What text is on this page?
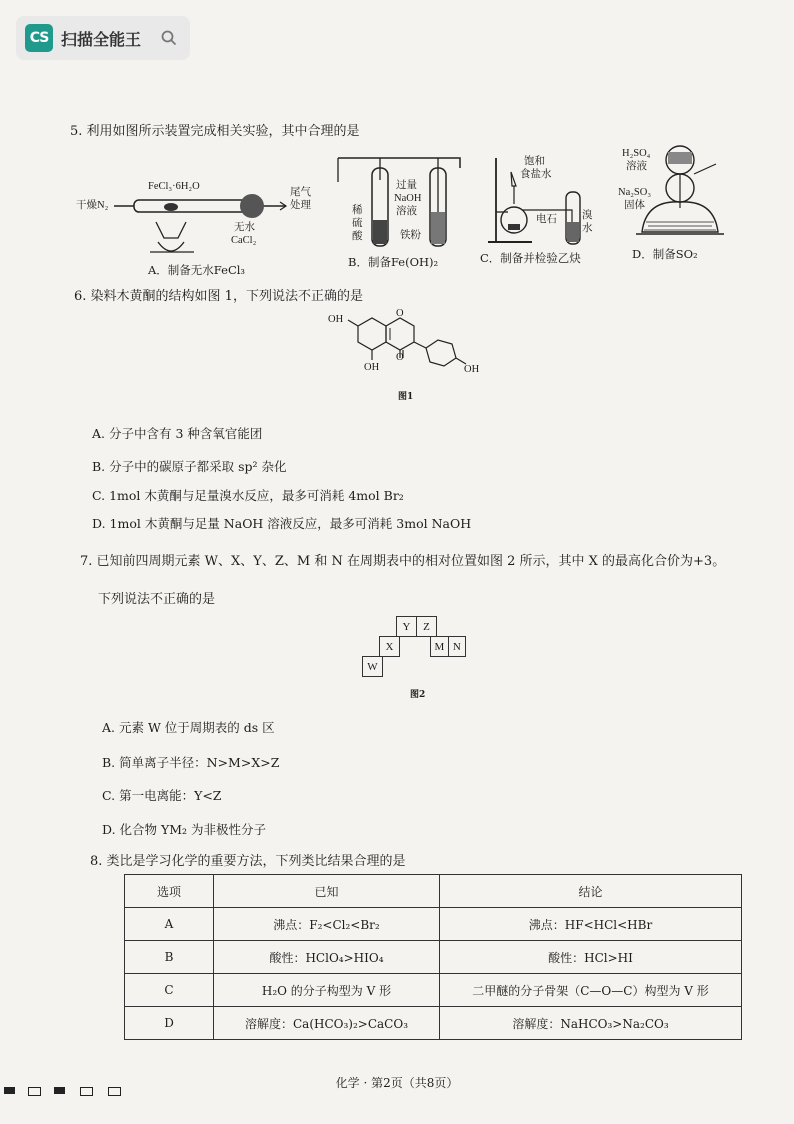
CS 扫描全能王
5. 利用如图所示装置完成相关实验，其中合理的是
FeCl₃·6H₂O
干燥N₂
尾气
处理
无水
CaCl₂
A．制备无水FeCl₃
过量
NaOH
溶液
稀
硫
酸	铁粉
B．制备Fe(OH)₂
饱和
食盐水
电石 溴
水
C．制备并检验乙炔
H₂SO₄
溶液
Na₂SO₃
固体
D．制备SO₂
6. 染料木黄酮的结构如图 1，下列说法不正确的是
OH
O
O
OH	OH
图1
A. 分子中含有 3 种含氧官能团
B. 分子中的碳原子都采取 sp² 杂化
C. 1mol 木黄酮与足量溴水反应，最多可消耗 4mol Br₂
D. 1mol 木黄酮与足量 NaOH 溶液反应，最多可消耗 3mol NaOH
7. 已知前四周期元素 W、X、Y、Z、M 和 N 在周期表中的相对位置如图 2 所示，其中 X 的最高化合价为+3。
下列说法不正确的是
Y	Z
X	M	N
W
图2
A. 元素 W 位于周期表的 ds 区
B. 简单离子半径：N>M>X>Z
C. 第一电离能：Y<Z
D. 化合物 YM₂ 为非极性分子
8. 类比是学习化学的重要方法，下列类比结果合理的是
选项	已知	结论
A	沸点：F₂<Cl₂<Br₂	沸点：HF<HCl<HBr
B	酸性：HClO₄>HIO₄	酸性：HCl>HI
C	H₂O 的分子构型为 V 形	二甲醚的分子骨架（C—O—C）构型为 V 形
D	溶解度：Ca(HCO₃)₂>CaCO₃	溶解度：NaHCO₃>Na₂CO₃
化学 · 第2页（共8页）
